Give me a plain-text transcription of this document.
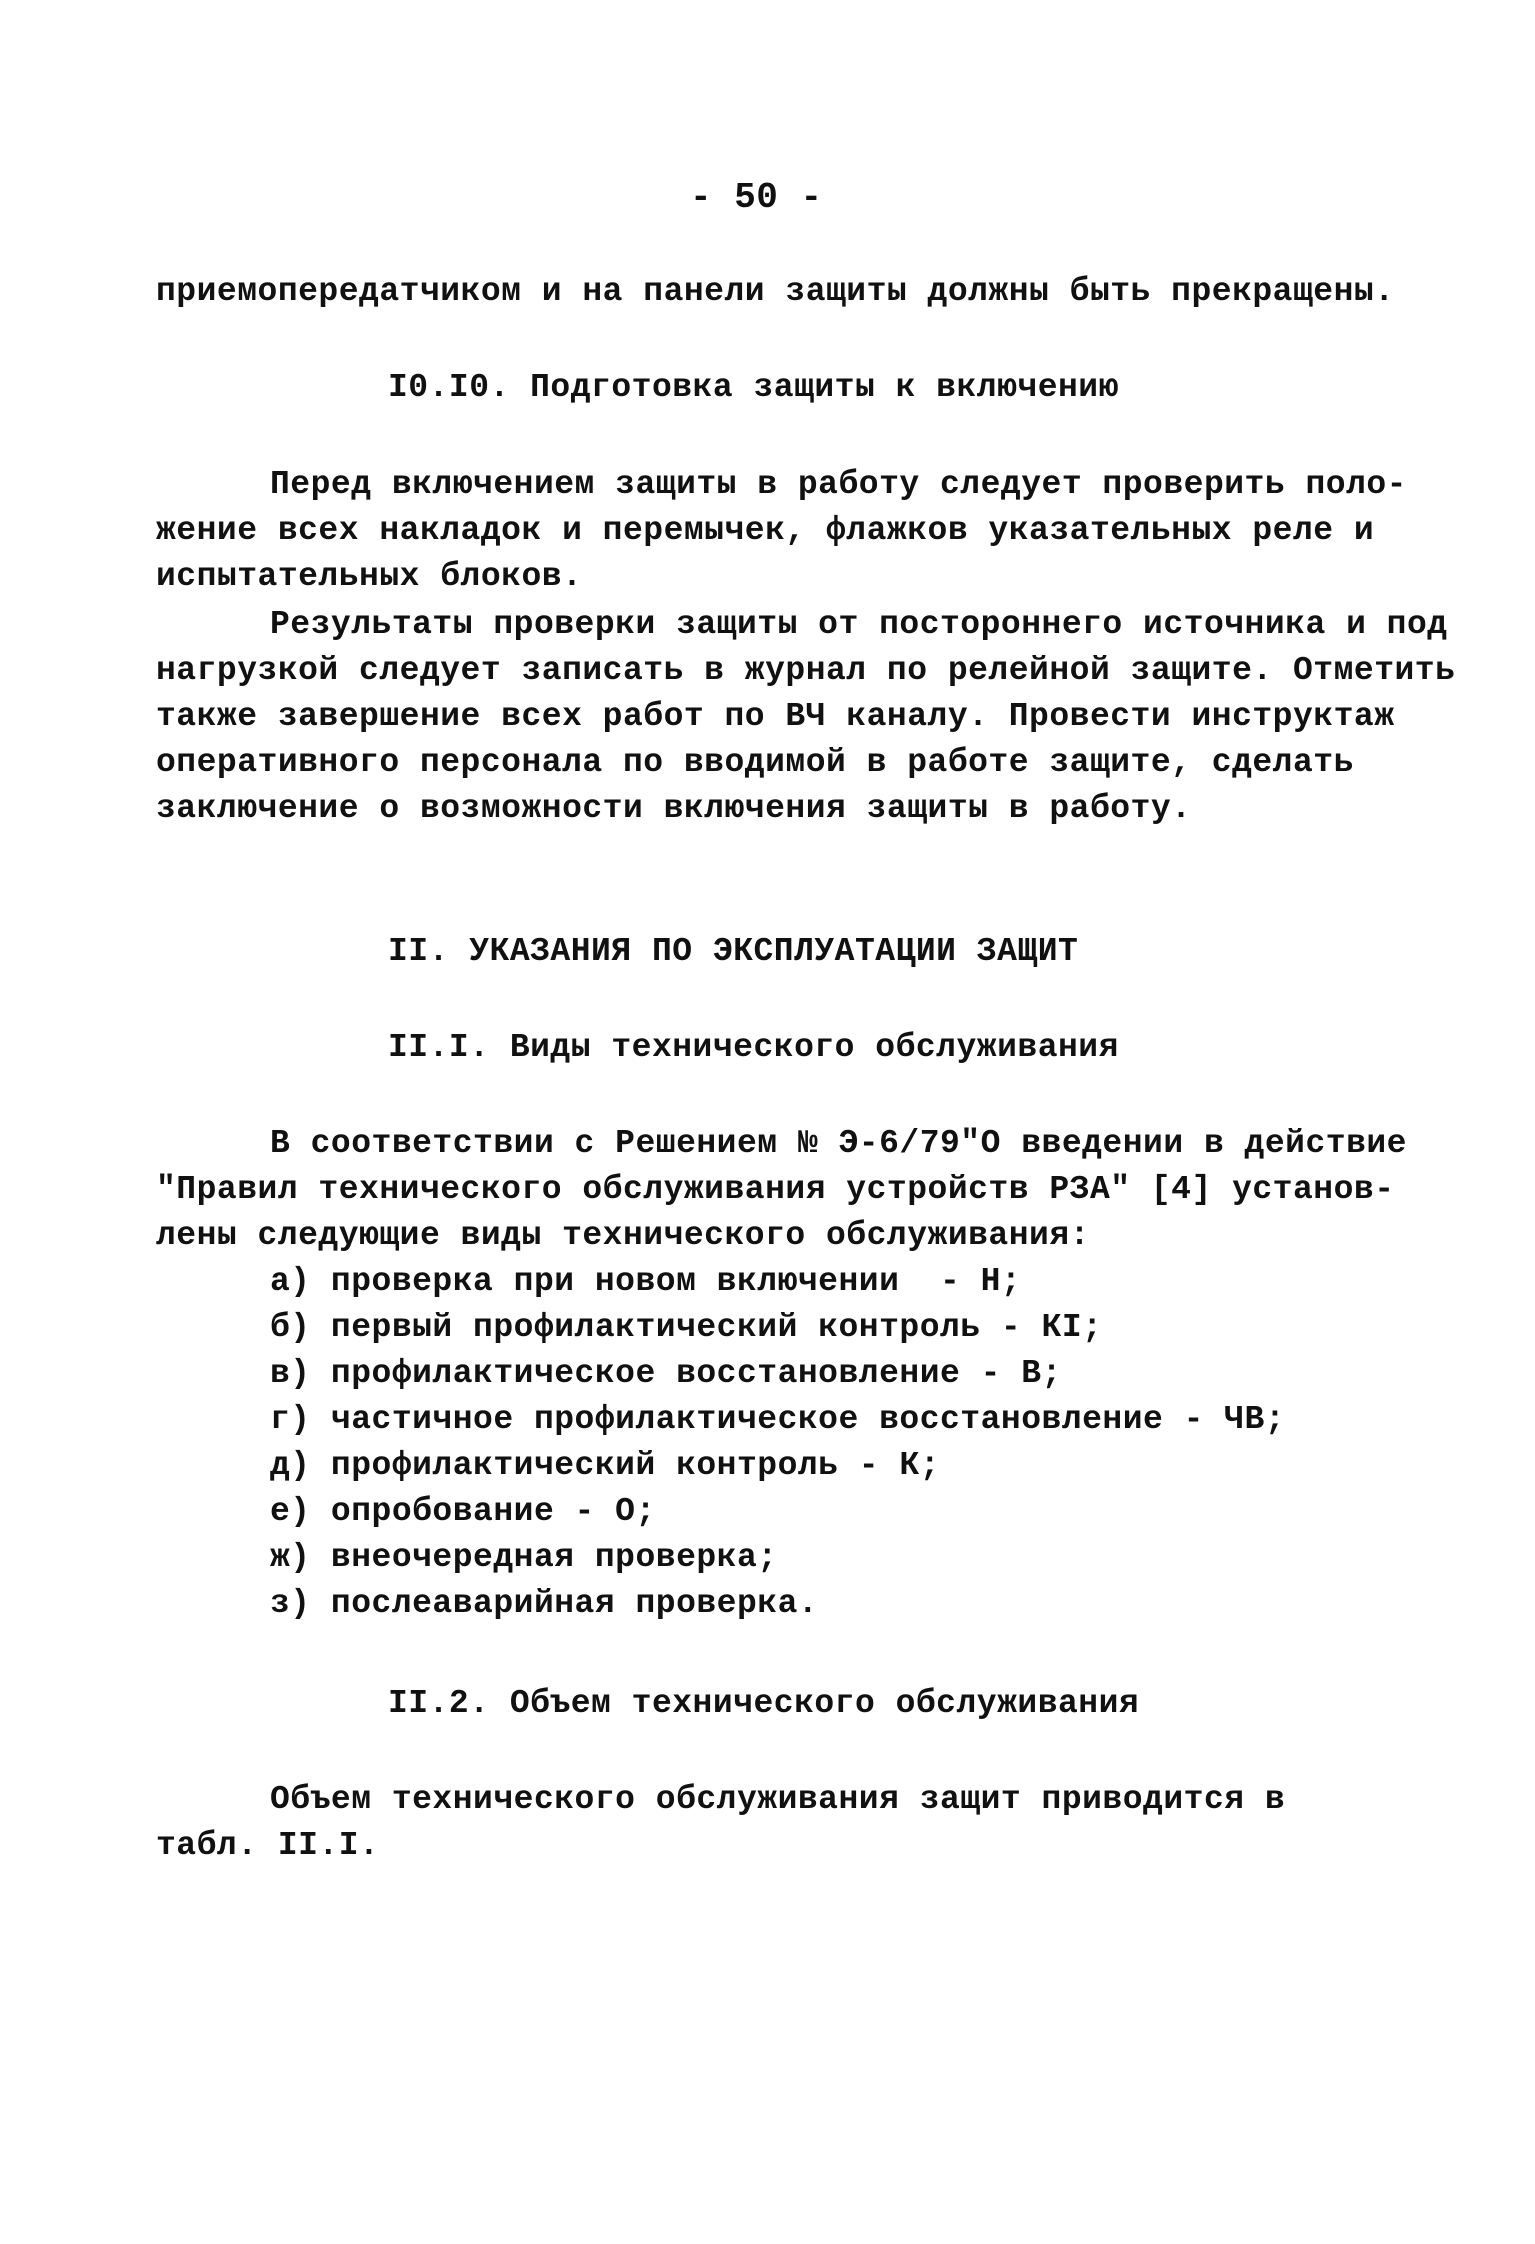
- 50 -
приемопередатчиком и на панели защиты должны быть прекращены.
I0.I0. Подготовка защиты к включению
Перед включением защиты в работу следует проверить поло-
жение всех накладок и перемычек, флажков указательных реле и
испытательных блоков.
Результаты проверки защиты от постороннего источника и под
нагрузкой следует записать в журнал по релейной защите. Отметить
также завершение всех работ по ВЧ каналу. Провести инструктаж
оперативного персонала по вводимой в работе защите, сделать
заключение о возможности включения защиты в работу.
II. УКАЗАНИЯ ПО ЭКСПЛУАТАЦИИ ЗАЩИТ
II.I. Виды технического обслуживания
В соответствии с Решением № Э-6/79"О введении в действие
"Правил технического обслуживания устройств РЗА" [4] установ-
лены следующие виды технического обслуживания:
а) проверка при новом включении  - Н;
б) первый профилактический контроль - КI;
в) профилактическое восстановление - В;
г) частичное профилактическое восстановление - ЧВ;
д) профилактический контроль - К;
е) опробование - О;
ж) внеочередная проверка;
з) послеаварийная проверка.
II.2. Объем технического обслуживания
Объем технического обслуживания защит приводится в
табл. II.I.
